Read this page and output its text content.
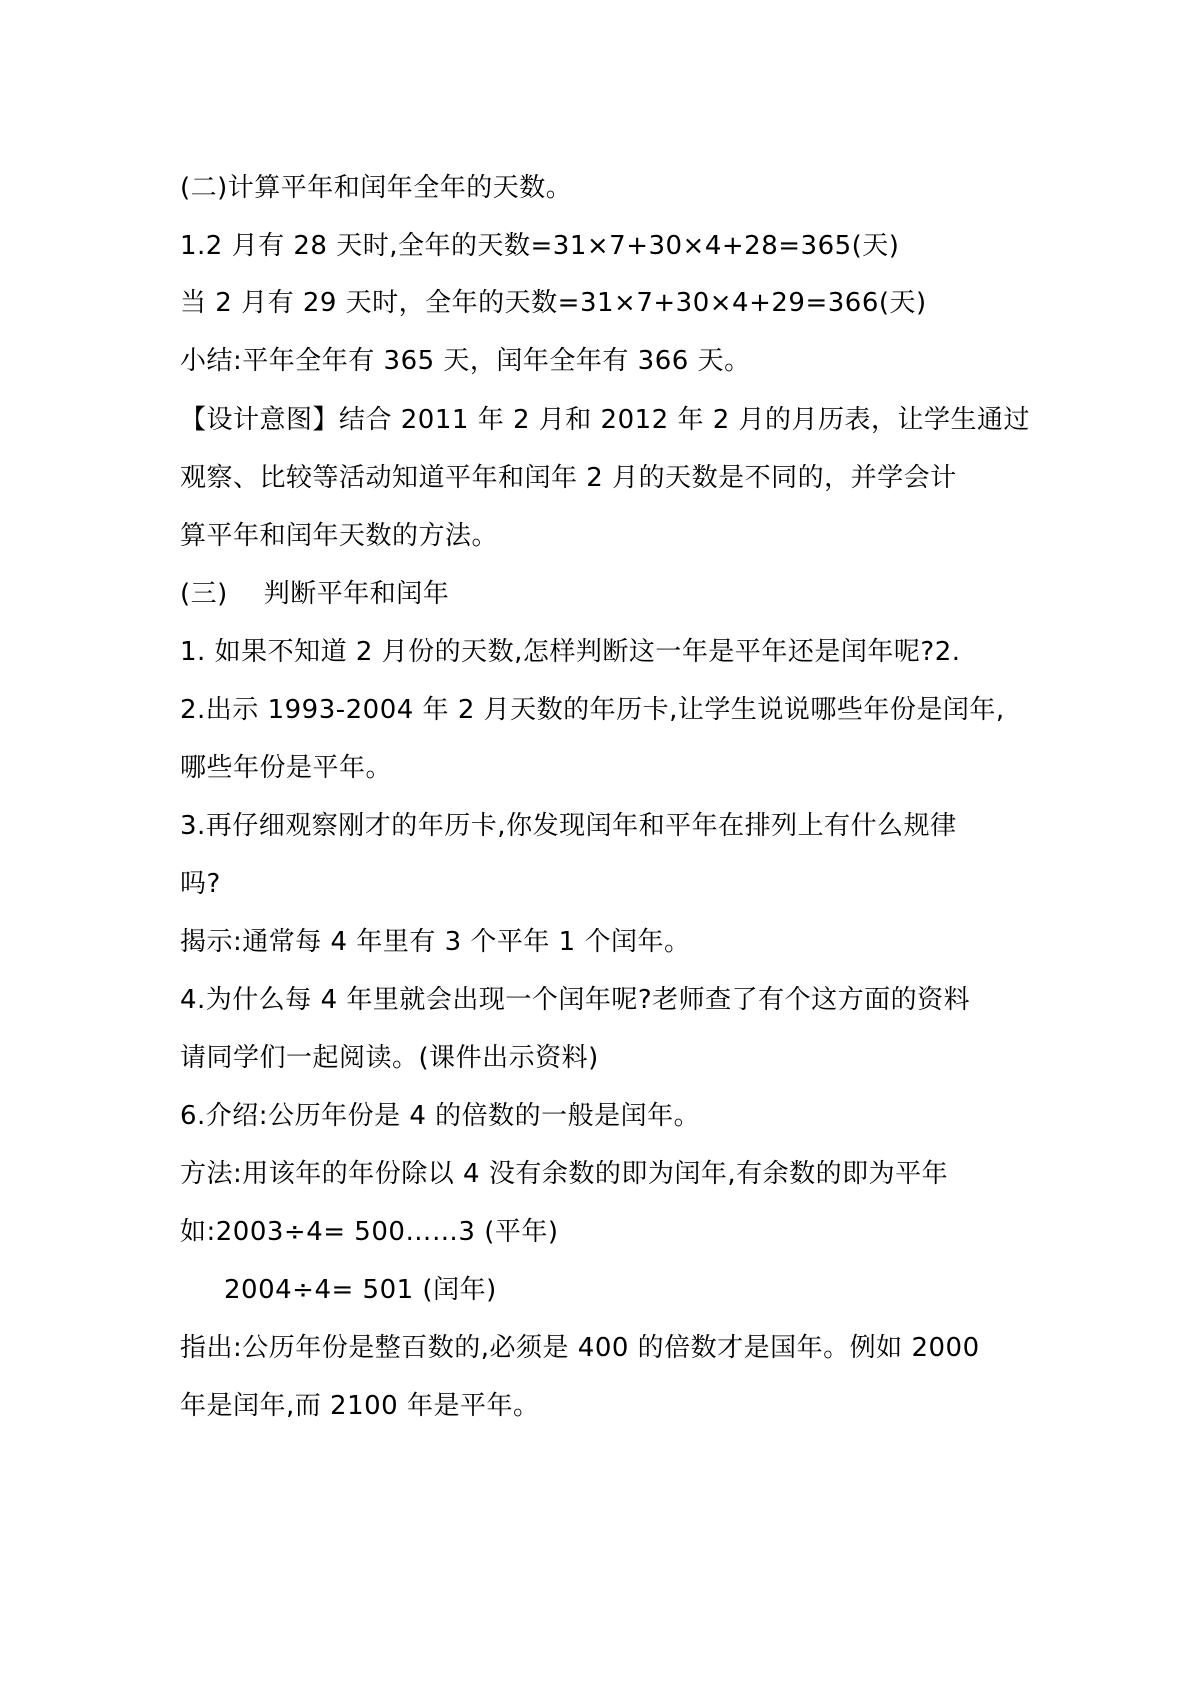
(二)计算平年和闰年全年的天数。
1.2 月有 28 天时,全年的天数=31×7+30×4+28=365(天)
当 2 月有 29 天时，全年的天数=31×7+30×4+29=366(天)
小结:平年全年有 365 天，闰年全年有 366 天。
【设计意图】结合 2011 年 2 月和 2012 年 2 月的月历表，让学生通过
观察、比较等活动知道平年和闰年 2 月的天数是不同的，并学会计
算平年和闰年天数的方法。
(三) 判断平年和闰年
1. 如果不知道 2 月份的天数,怎样判断这一年是平年还是闰年呢?2.
2.出示 1993-2004 年 2 月天数的年历卡,让学生说说哪些年份是闰年,
哪些年份是平年。
3.再仔细观察刚才的年历卡,你发现闰年和平年在排列上有什么规律
吗?
揭示:通常每 4 年里有 3 个平年 1 个闰年。
4.为什么每 4 年里就会出现一个闰年呢?老师查了有个这方面的资料
请同学们一起阅读。(课件出示资料)
6.介绍:公历年份是 4 的倍数的一般是闰年。
方法:用该年的年份除以 4 没有余数的即为闰年,有余数的即为平年
如:2003÷4= 500……3 (平年)
2004÷4= 501 (闰年)
指出:公历年份是整百数的,必须是 400 的倍数才是国年。例如 2000
年是闰年,而 2100 年是平年。
